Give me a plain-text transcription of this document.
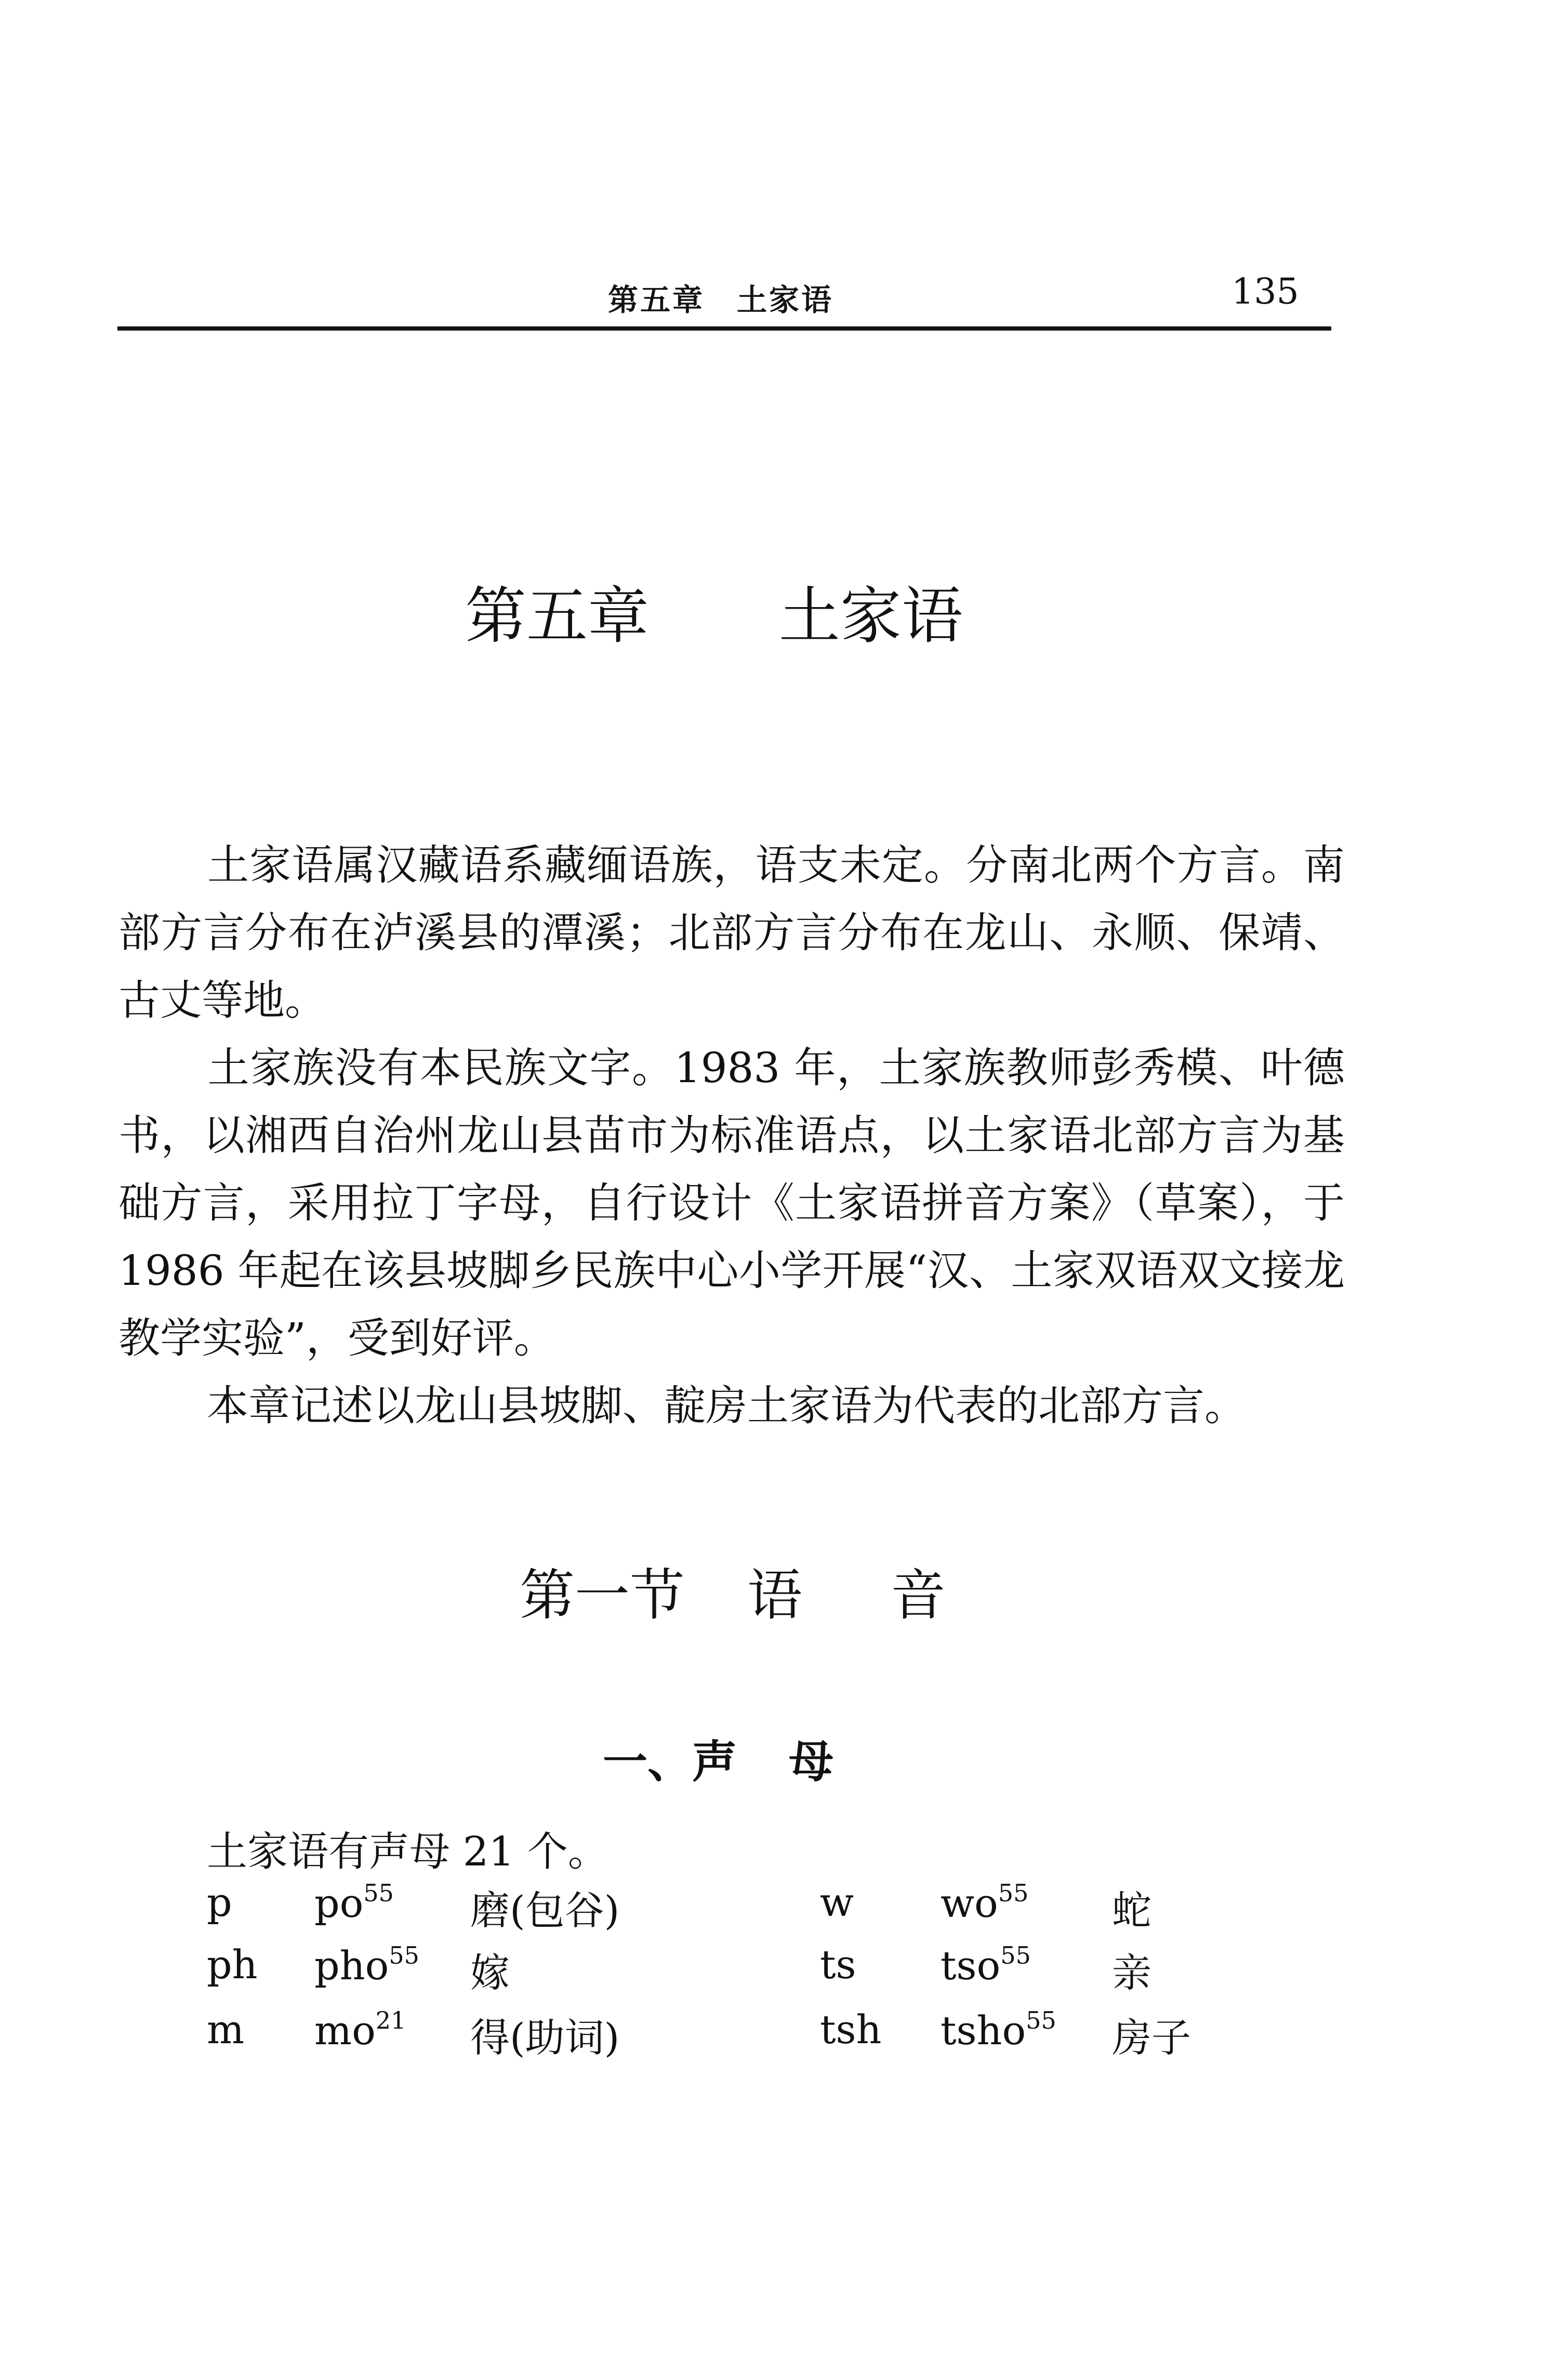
第五章　土家语	135
第五章 土家语
土家语属汉藏语系藏缅语族，语支未定。分南北两个方言。南部方言分布在泸溪县的潭溪；北部方言分布在龙山、永顺、保靖、古丈等地。
土家族没有本民族文字。1983 年，土家族教师彭秀模、叶德书，以湘西自治州龙山县苗市为标准语点，以土家语北部方言为基础方言，采用拉丁字母，自行设计《土家语拼音方案》（草案），于 1986 年起在该县坡脚乡民族中心小学开展“汉、土家双语双文接龙教学实验”，受到好评。
本章记述以龙山县坡脚、靛房土家语为代表的北部方言。
第一节 语 音
一、声 母
土家语有声母 21 个。
p $po^{55}$ 磨(包谷)	w $wo^{55}$ 蛇
ph pho$^{55}$ 嫁	ts tso$^{55}$ 亲
m $mo^{21}$ 得(助词)	tsh tsho$^{55}$ 房子
